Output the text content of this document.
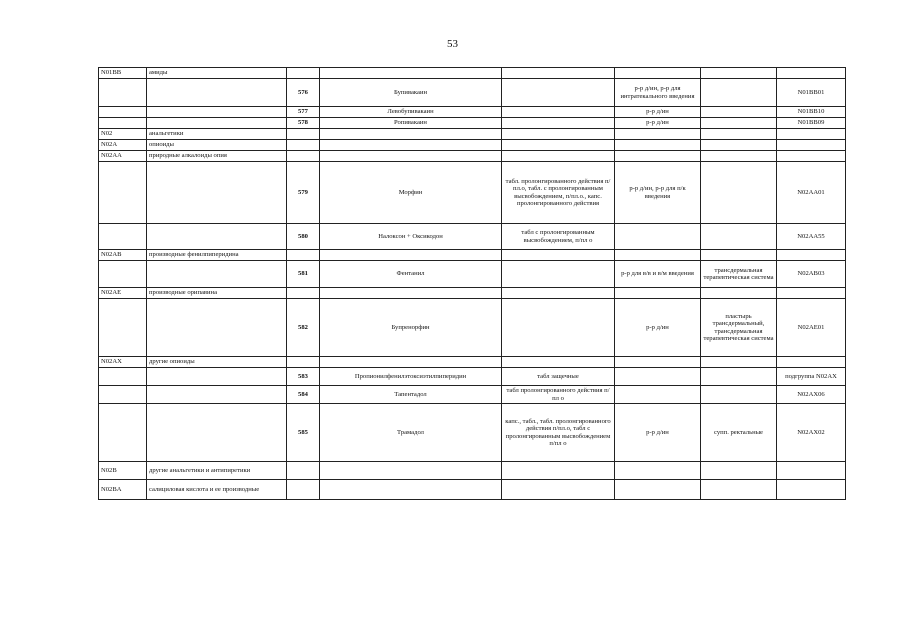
53
N01BB	амиды						
		576	Бупивакаин		р-р д/ин, р-р для интратекального введения		N01BB01
		577	Левобупивакаин		р-р д/ин		N01BB10
		578	Ропивакаин		р-р д/ин		N01BB09
N02	анальгетики						
N02A	опиоиды						
N02AA	природные алкалоиды опия						
		579	Морфин	табл. пролонгированного действия п/пл.о, табл. с пролонгированным высвобождением, п/пл.о., капс. пролонгированного действия	р-р д/ин, р-р для п/к введения		N02AA01
		580	Налоксон + Оксикодон	табл с пролонгированным высвобождением, п/пл о			N02AA55
N02AB	производные фенилпиперидина						
		581	Фентанил		р-р для в/в и в/м введения	трансдермальная терапевтическая система	N02AB03
N02AE	производные орипавина						
		582	Бупренорфин		р-р д/ин	пластырь трансдермальный, трансдермальная терапевтическая система	N02AE01
N02AX	другие опиоиды						
		583	Пропионилфенилэтоксиэтилпиперидин	табл защечные			подгруппа N02AX
		584	Тапентадол	табл пролонгированного действия п/пл о			N02AX06
		585	Трамадол	капс., табл., табл. пролонгированного действия п/пл.о, табл с пролонгированным высвобождением п/пл о	р-р д/ин	супп. ректальные	N02AX02
N02B	другие анальгетики и антипиретики						
N02BA	салициловая кислота и ее производные						
